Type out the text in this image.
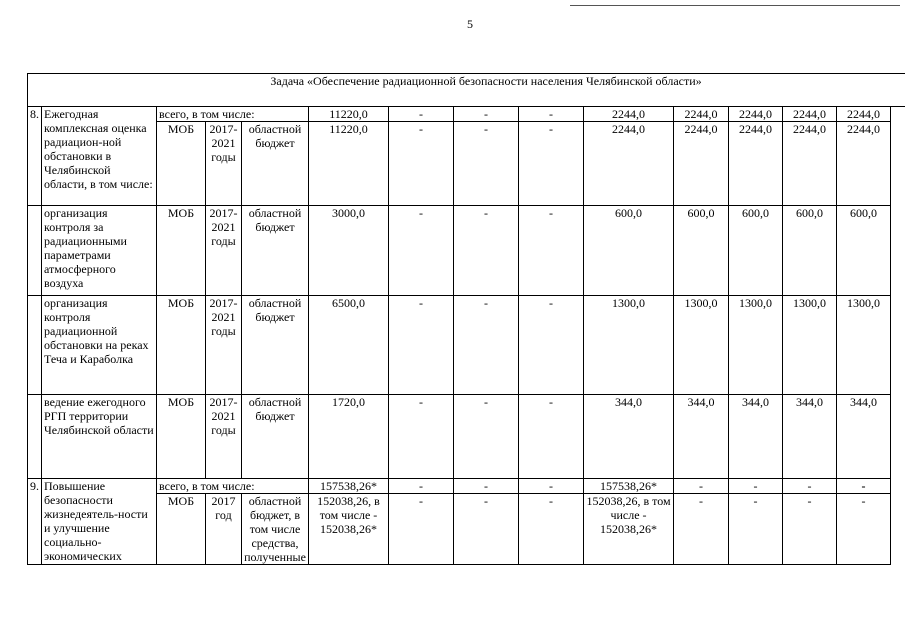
5
Задача «Обеспечение радиационной безопасности населения Челябинской области»													
8.	Ежегодная комплексная оценка радиацион-ной обстановки в Челябинской области, в том числе:	всего, в том числе:			11220,0	-	-	-	2244,0	2244,0	2244,0	2244,0	2244,0
		МОБ	2017-2021 годы	областной бюджет	11220,0	-	-	-	2244,0	2244,0	2244,0	2244,0	2244,0
	организация контроля за радиационными параметрами атмосферного воздуха	МОБ	2017-2021 годы	областной бюджет	3000,0	-	-	-	600,0	600,0	600,0	600,0	600,0
	организация контроля радиационной обстановки на реках Теча и Караболка	МОБ	2017-2021 годы	областной бюджет	6500,0	-	-	-	1300,0	1300,0	1300,0	1300,0	1300,0
	ведение ежегодного РГП территории Челябинской области	МОБ	2017-2021 годы	областной бюджет	1720,0	-	-	-	344,0	344,0	344,0	344,0	344,0
9.	Повышение безопасности жизнедеятель-ности и улучшение социально-экономических	всего, в том числе:			157538,26*	-	-	-	157538,26*	-	-	-	-
		МОБ	2017 год	областной бюджет, в том числе средства, полученные	152038,26, в том числе - 152038,26*	-	-	-	152038,26, в том числе - 152038,26*	-	-	-	-
